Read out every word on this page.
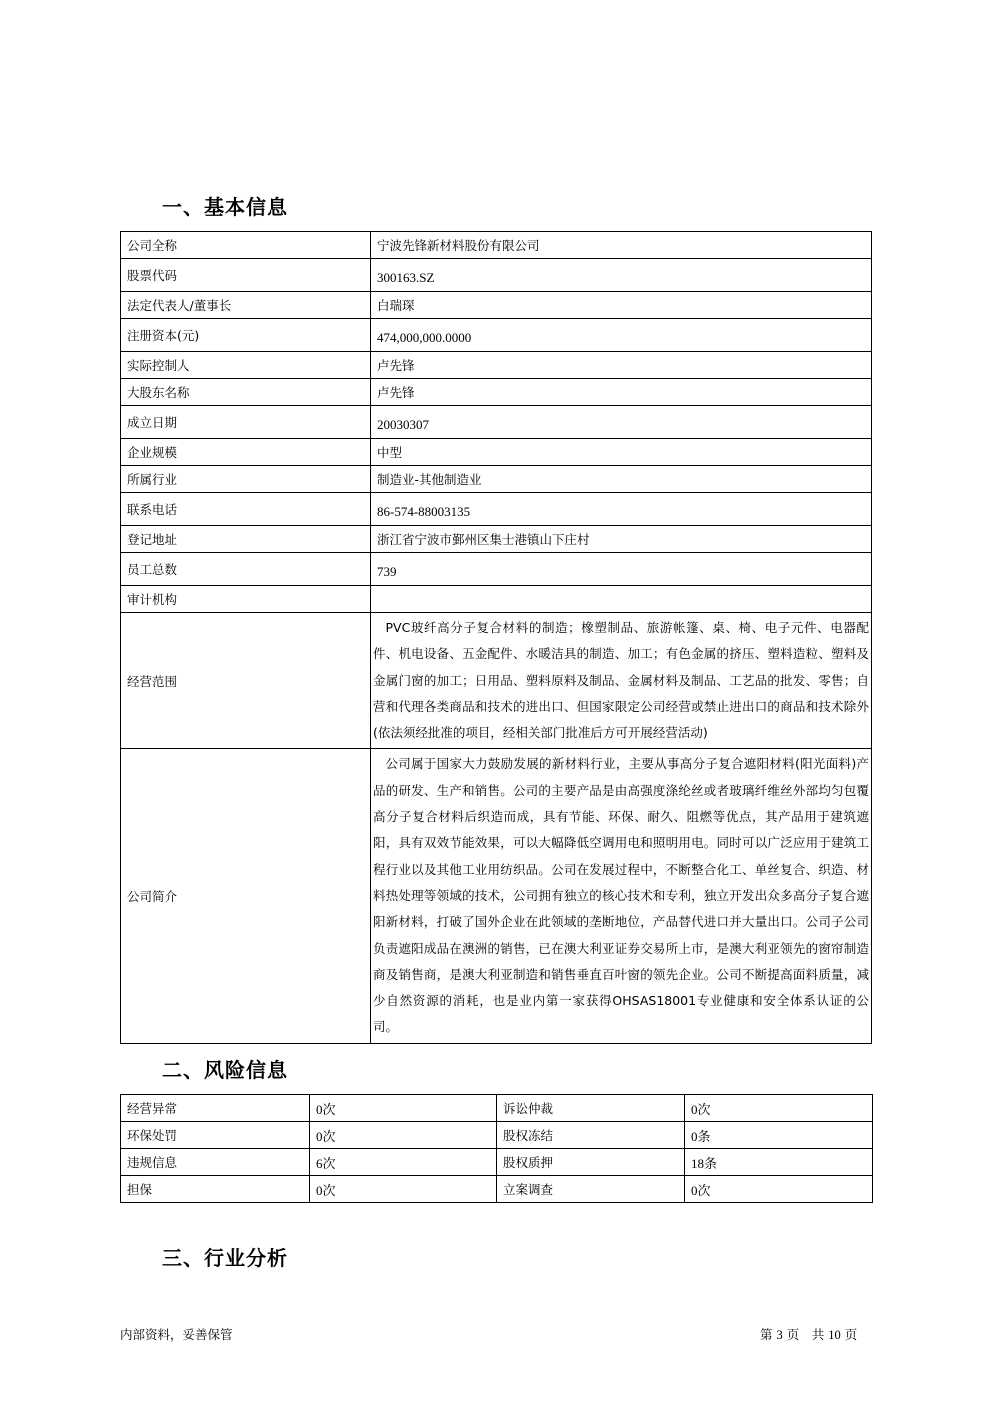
一、基本信息
公司全称	宁波先锋新材料股份有限公司
股票代码	300163.SZ
法定代表人/董事长	白瑞琛
注册资本(元)	474,000,000.0000
实际控制人	卢先锋
大股东名称	卢先锋
成立日期	20030307
企业规模	中型
所属行业	制造业-其他制造业
联系电话	86-574-88003135
登记地址	浙江省宁波市鄞州区集士港镇山下庄村
员工总数	739
审计机构	
经营范围	PVC玻纤高分子复合材料的制造；橡塑制品、旅游帐篷、桌、椅、电子元件、电器配件、机电设备、五金配件、水暖洁具的制造、加工；有色金属的挤压、塑料造粒、塑料及金属门窗的加工；日用品、塑料原料及制品、金属材料及制品、工艺品的批发、零售；自营和代理各类商品和技术的进出口、但国家限定公司经营或禁止进出口的商品和技术除外(依法须经批准的项目，经相关部门批准后方可开展经营活动)
公司简介	公司属于国家大力鼓励发展的新材料行业，主要从事高分子复合遮阳材料(阳光面料)产品的研发、生产和销售。公司的主要产品是由高强度涤纶丝或者玻璃纤维丝外部均匀包覆高分子复合材料后织造而成，具有节能、环保、耐久、阻燃等优点，其产品用于建筑遮阳，具有双效节能效果，可以大幅降低空调用电和照明用电。同时可以广泛应用于建筑工程行业以及其他工业用纺织品。公司在发展过程中，不断整合化工、单丝复合、织造、材料热处理等领域的技术，公司拥有独立的核心技术和专利，独立开发出众多高分子复合遮阳新材料，打破了国外企业在此领域的垄断地位，产品替代进口并大量出口。公司子公司负责遮阳成品在澳洲的销售，已在澳大利亚证券交易所上市，是澳大利亚领先的窗帘制造商及销售商，是澳大利亚制造和销售垂直百叶窗的领先企业。公司不断提高面料质量，减少自然资源的消耗，也是业内第一家获得OHSAS18001专业健康和安全体系认证的公司。
二、风险信息
经营异常	0次	诉讼仲裁	0次
环保处罚	0次	股权冻结	0条
违规信息	6次	股权质押	18条
担保	0次	立案调查	0次
三、行业分析
内部资料，妥善保管	第 3 页　共 10 页
